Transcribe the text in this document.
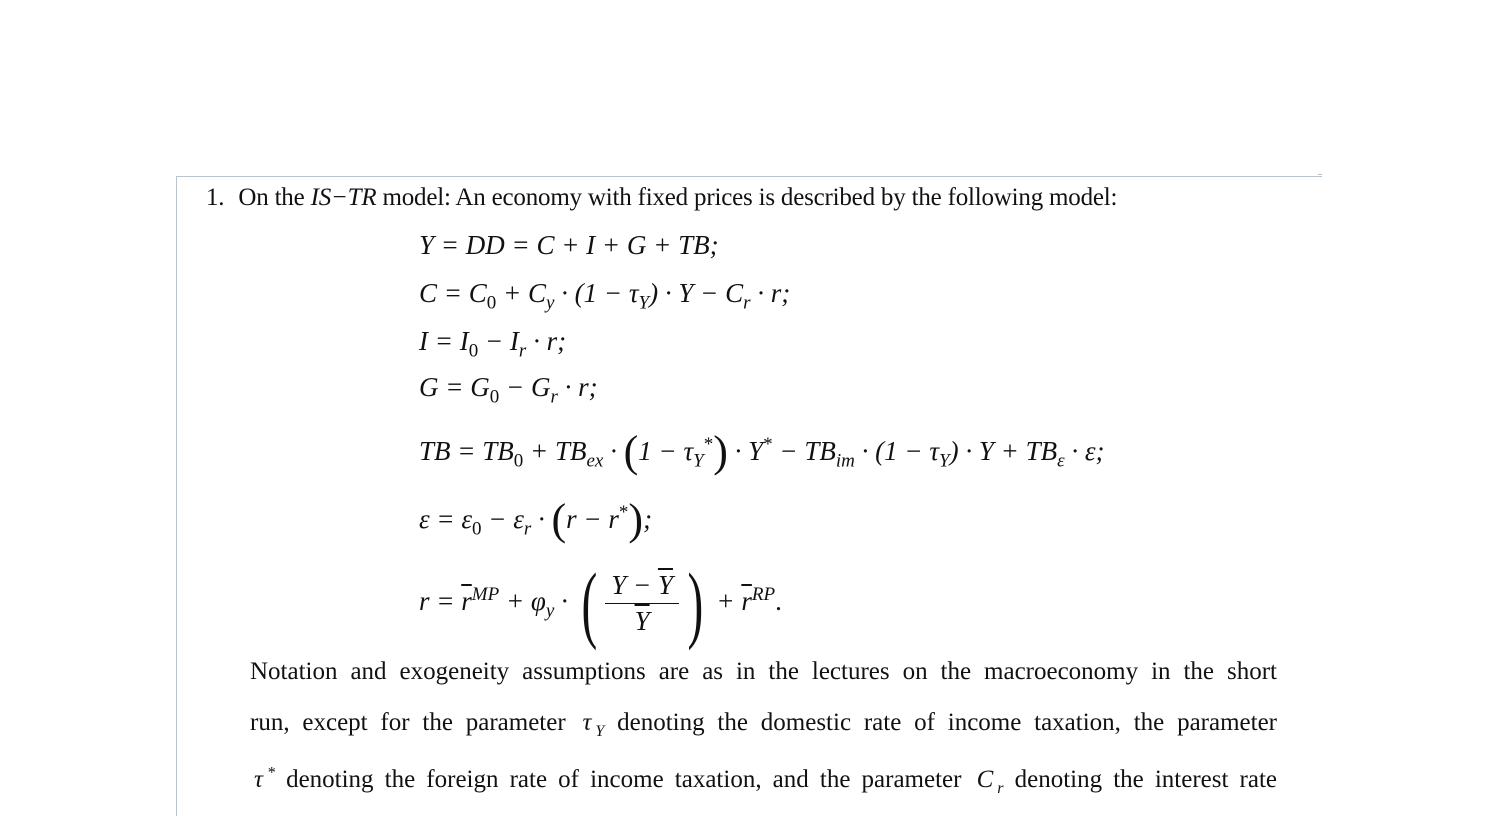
1. On the IS−TR model: An economy with fixed prices is described by the following model:
Y = DD = C + I + G + TB;
$C = C_0 + C_y \cdot (1 - \tau_Y) \cdot Y - C_r \cdot r$;
$I = I_0 - I_r \cdot r$;
$G = G_0 - G_r \cdot r$;
TB = $TB_0 + TB_{ex} \cdot (1 - \tau_Y^*) \cdot Y^* - TB_{im} \cdot (1 - \tau_Y) \cdot Y + TB_\varepsilon \cdot \varepsilon$;
$\varepsilon = \varepsilon_0 - \varepsilon_r \cdot (r - r^*)$;
$r = \overline{r}^{MP} + \varphi_y$ · ( $\frac{Y - \overline{Y}}{Y}$ ) + $\overline{r}^{RP}$.
Notation and exogeneity assumptions are as in the lectures on the macroeconomy in the short
run, except for the parameter τ $_Y$ denoting the domestic rate of income taxation, the parameter
τ * denoting the foreign rate of income taxation, and the parameter C $_r$ denoting the interest rate
